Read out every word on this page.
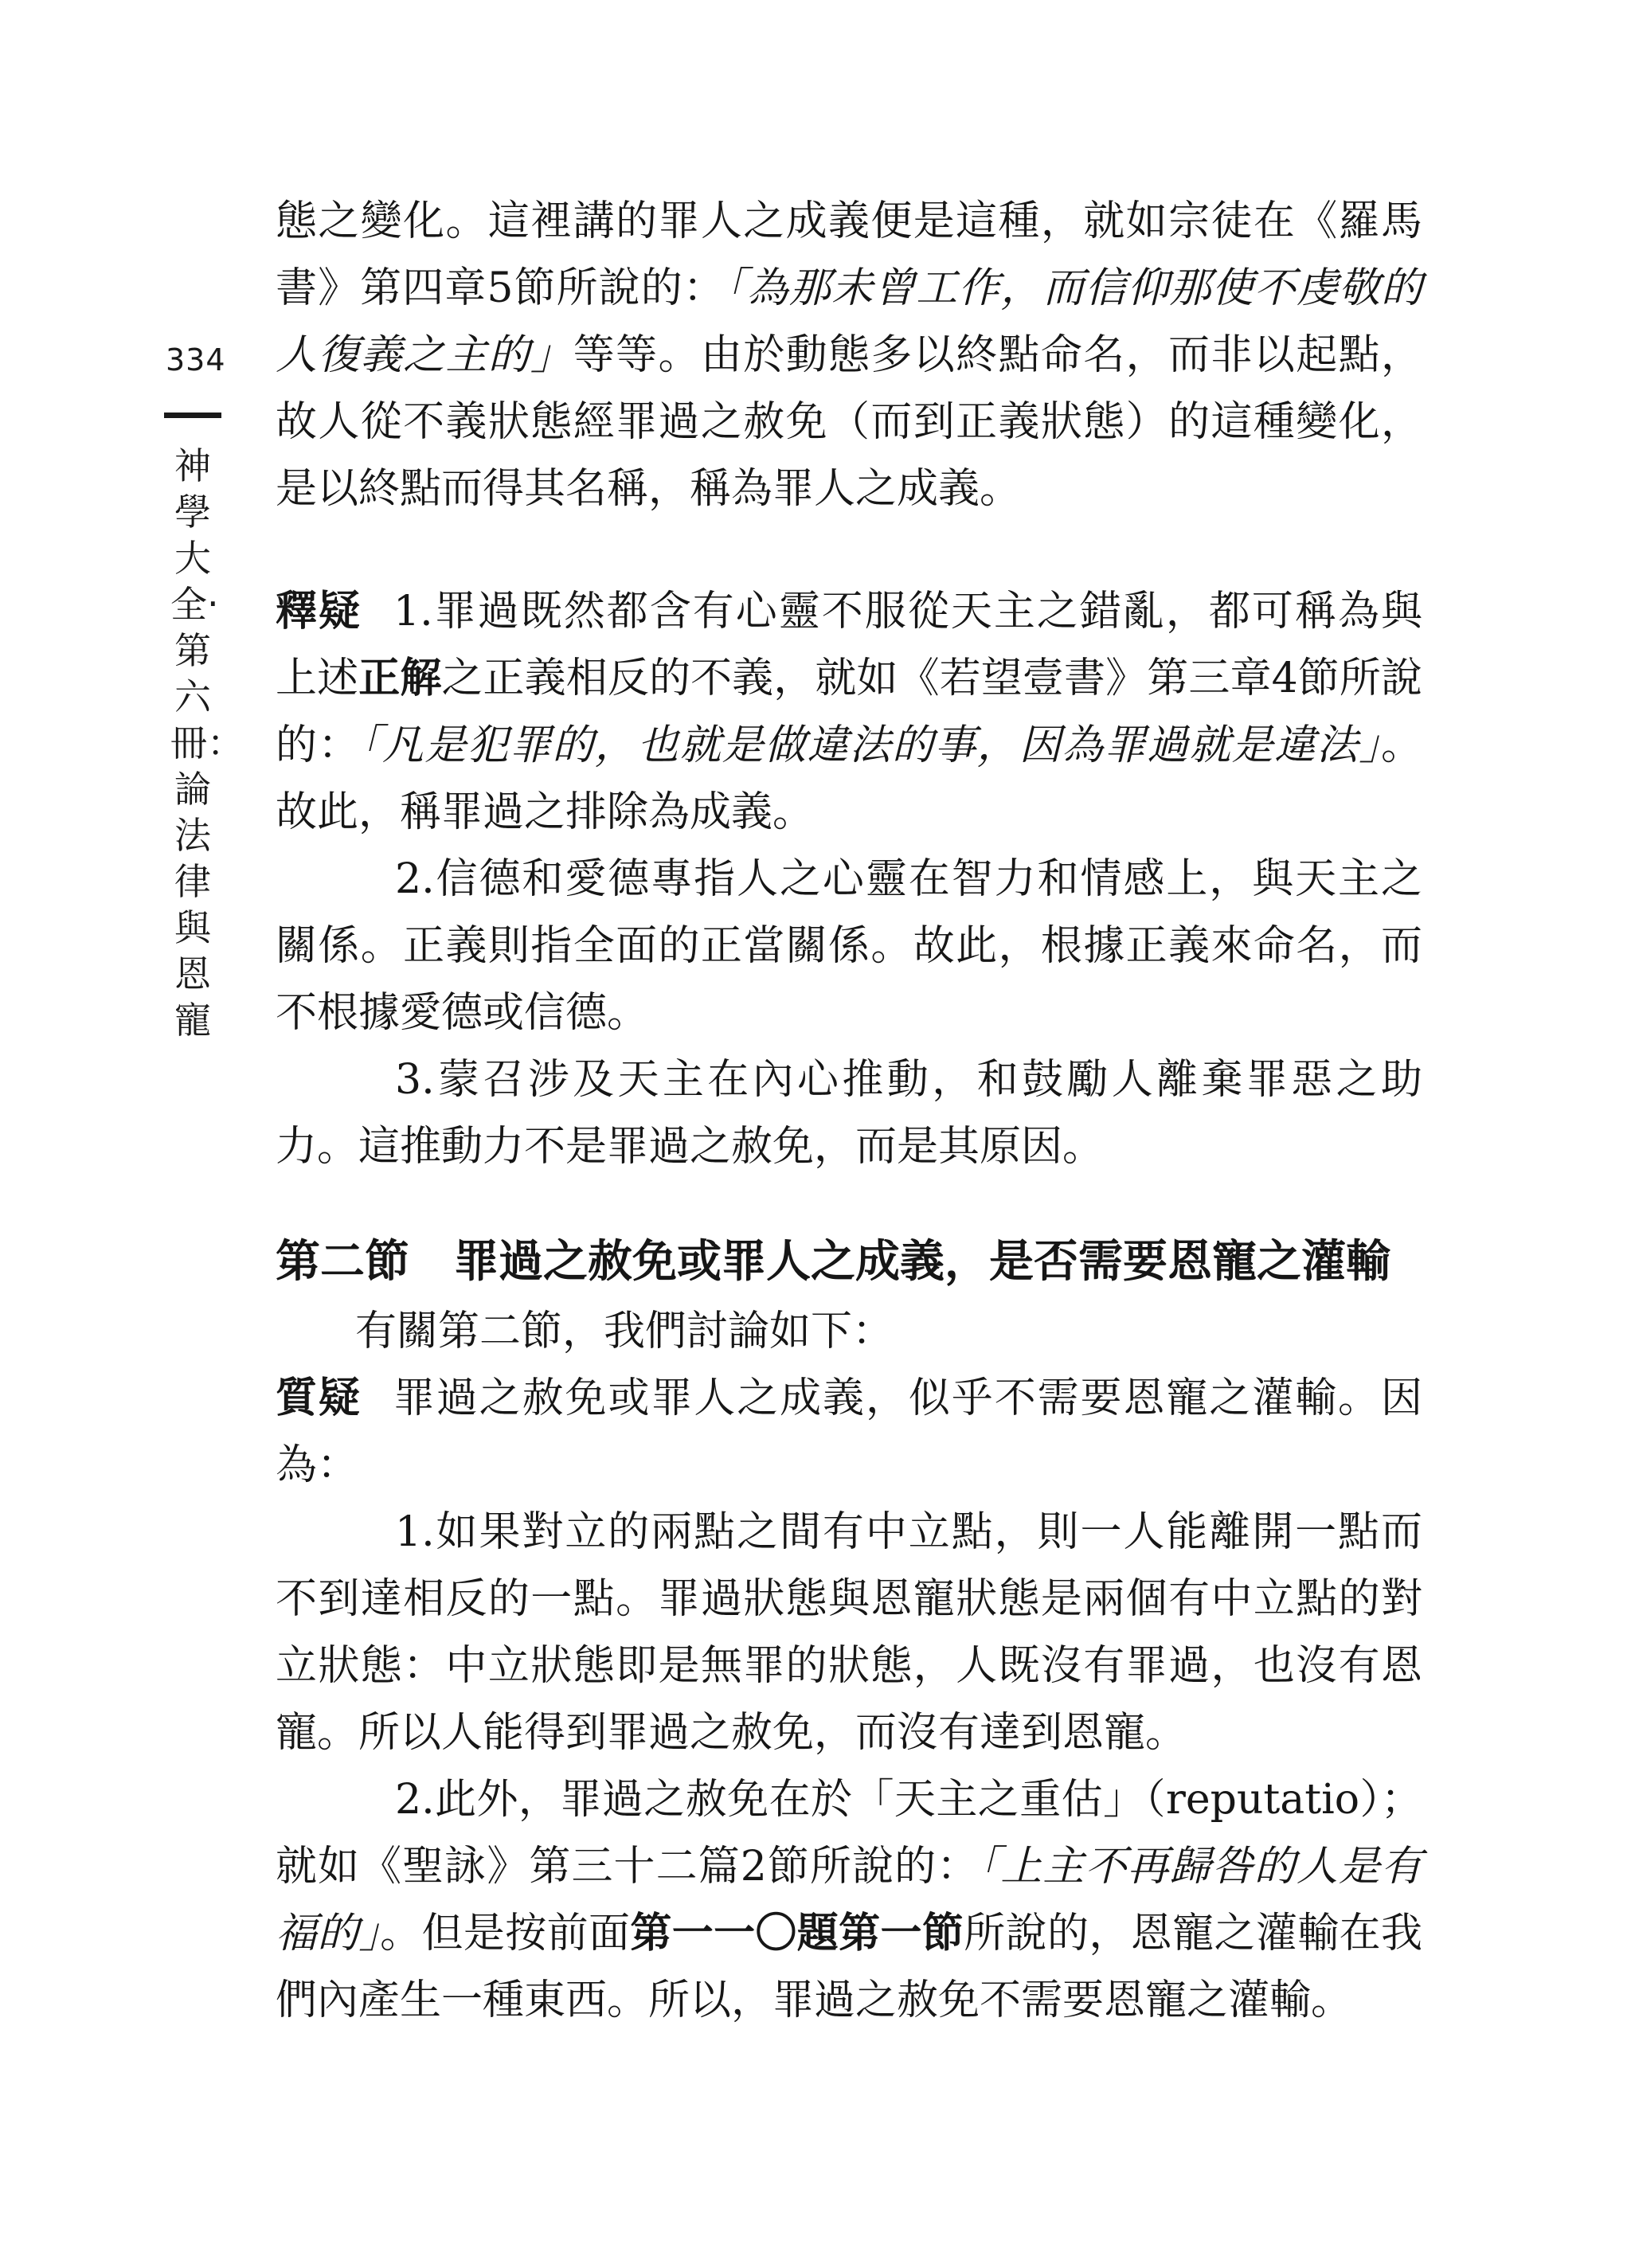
334
神學大全‧第六冊：論法律與恩寵

態之變化。這裡講的罪人之成義便是這種，就如宗徒在《羅馬書》第四章5節所說的：「為那未曾工作，而信仰那使不虔敬的人復義之主的」等等。由於動態多以終點命名，而非以起點，故人從不義狀態經罪過之赦免（而到正義狀態）的這種變化，是以終點而得其名稱，稱為罪人之成義。

釋疑 1.罪過既然都含有心靈不服從天主之錯亂，都可稱為與上述正解之正義相反的不義，就如《若望壹書》第三章4節所說的：「凡是犯罪的，也就是做違法的事，因為罪過就是違法」。故此，稱罪過之排除為成義。

2.信德和愛德專指人之心靈在智力和情感上，與天主之關係。正義則指全面的正當關係。故此，根據正義來命名，而不根據愛德或信德。

3.蒙召涉及天主在內心推動，和鼓勵人離棄罪惡之助力。這推動力不是罪過之赦免，而是其原因。

第二節 罪過之赦免或罪人之成義，是否需要恩寵之灌輸

有關第二節，我們討論如下：

質疑 罪過之赦免或罪人之成義，似乎不需要恩寵之灌輸。因為：

1.如果對立的兩點之間有中立點，則一人能離開一點而不到達相反的一點。罪過狀態與恩寵狀態是兩個有中立點的對立狀態：中立狀態即是無罪的狀態，人既沒有罪過，也沒有恩寵。所以人能得到罪過之赦免，而沒有達到恩寵。

2.此外，罪過之赦免在於「天主之重估」（reputatio）；就如《聖詠》第三十二篇2節所說的：「上主不再歸咎的人是有福的」。但是按前面第一一〇題第一節所說的，恩寵之灌輸在我們內產生一種東西。所以，罪過之赦免不需要恩寵之灌輸。
